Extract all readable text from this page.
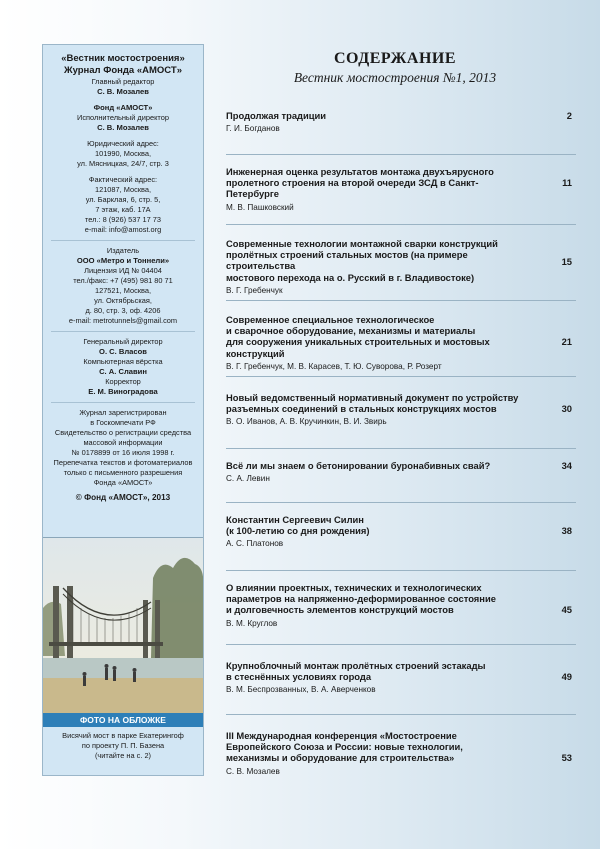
«Вестник мостостроения»
Журнал Фонда «АМОСТ»
Главный редактор
С. В. Мозалев
Фонд «АМОСТ»
Исполнительный директор
С. В. Мозалев
Юридический адрес:
101990, Москва,
ул. Мясницкая, 24/7, стр. 3
Фактический адрес:
121087, Москва,
ул. Барклая, 6, стр. 5,
7 этаж, каб. 17А
тел.: 8 (926) 537 17 73
e-mail: info@amost.org
Издатель
ООО «Метро и Тоннели»
Лицензия ИД № 04404
тел./факс: +7 (495) 981 80 71
127521, Москва,
ул. Октябрьская,
д. 80, стр. 3, оф. 4206
e-mail: metrotunnels@gmail.com
Генеральный директор
О. С. Власов
Компьютерная вёрстка
С. А. Славин
Корректор
Е. М. Виноградова
Журнал зарегистрирован
в Госкомпечати РФ
Свидетельство о регистрации средства
массовой информации
№ 0178899 от 16 июля 1998 г.
Перепечатка текстов и фотоматериалов
только с письменного разрешения
Фонда «АМОСТ»
© Фонд «АМОСТ», 2013
ФОТО НА ОБЛОЖКЕ
Висячий мост в парке Екатерингоф
по проекту П. П. Базена
(читайте на с. 2)
СОДЕРЖАНИЕ
Вестник мостостроения №1, 2013
Продолжая традиции
Г. И. Богданов
2
Инженерная оценка результатов монтажа двухъярусного
пролетного строения на второй очереди ЗСД в Санкт-Петербурге
М. В. Пашковский
11
Современные технологии монтажной сварки конструкций
пролётных строений стальных мостов (на примере строительства
мостового перехода на о. Русский в г. Владивостоке)
В. Г. Гребенчук
15
Современное специальное технологическое
и сварочное оборудование, механизмы и материалы
для сооружения уникальных строительных и мостовых конструкций
В. Г. Гребенчук, М. В. Карасев, Т. Ю. Суворова, Р. Розерт
21
Новый ведомственный нормативный документ по устройству
разъемных соединений в стальных конструкциях мостов
В. О. Иванов, А. В. Кручинкин, В. И. Звирь
30
Всё ли мы знаем о бетонировании буронабивных свай?
С. А. Левин
34
Константин Сергеевич Силин
(к 100-летию со дня рождения)
А. С. Платонов
38
О влиянии проектных, технических и технологических
параметров на напряженно-деформированное состояние
и долговечность элементов конструкций мостов
В. М. Круглов
45
Крупноблочный монтаж пролётных строений эстакады
в стеснённых условиях города
В. М. Беспрозванных, В. А. Аверченков
49
III Международная конференция «Мостостроение
Европейского Союза и России: новые технологии,
механизмы и оборудование для строительства»
С. В. Мозалев
53
